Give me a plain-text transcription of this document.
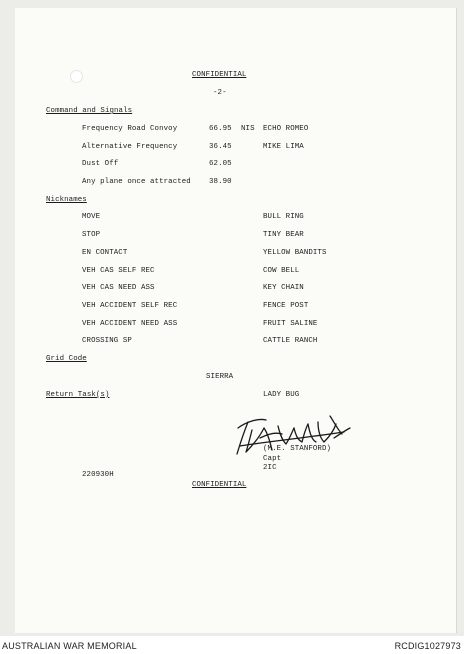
CONFIDENTIAL
-2-
Command and Signals
Frequency Road Convoy	66.95 NIS ECHO ROMEO
Alternative Frequency	36.45	MIKE LIMA
Dust Off	62.05
Any plane once attracted 38.90
Nicknames
MOVE	BULL RING
STOP	TINY BEAR
EN CONTACT	YELLOW BANDITS
VEH CAS SELF REC	COW BELL
VEH CAS NEED ASS	KEY CHAIN
VEH ACCIDENT SELF REC	FENCE POST
VEH ACCIDENT NEED ASS	FRUIT SALINE
CROSSING SP	CATTLE RANCH
Grid Code
SIERRA
Return Task(s)	LADY BUG
(M.E. STANFORD)
Capt
2IC
220930H
CONFIDENTIAL
AUSTRALIAN WAR MEMORIAL	RCDIG1027973
